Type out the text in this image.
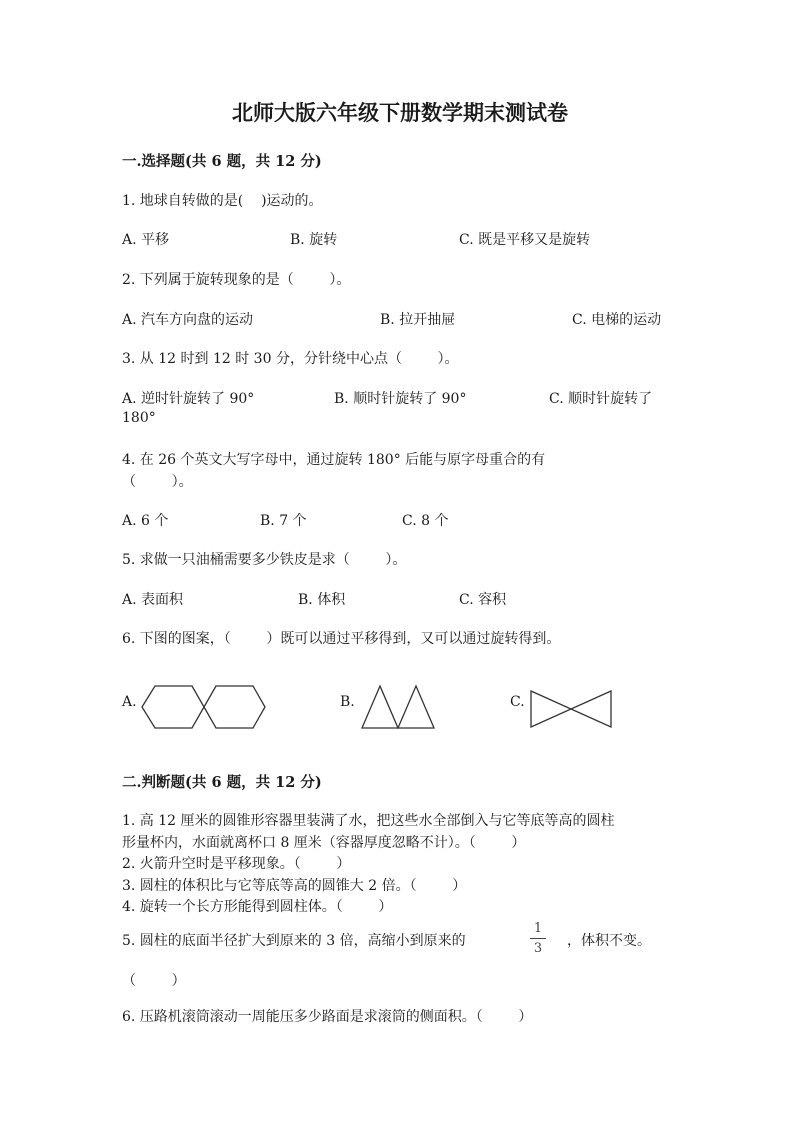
北师大版六年级下册数学期末测试卷
一.选择题(共 6 题，共 12 分)
1. 地球自转做的是(    )运动的。
A. 平移	B. 旋转	C. 既是平移又是旋转
2. 下列属于旋转现象的是（        ）。
A. 汽车方向盘的运动	B. 拉开抽屉	C. 电梯的运动
3. 从 12 时到 12 时 30 分，分针绕中心点（        ）。
A. 逆时针旋转了 90°	B. 顺时针旋转了 90°	C. 顺时针旋转了
180°
4. 在 26 个英文大写字母中，通过旋转 180° 后能与原字母重合的有
（        ）。
A. 6 个	B. 7 个	C. 8 个
5. 求做一只油桶需要多少铁皮是求（        ）。
A. 表面积	B. 体积	C. 容积
6. 下图的图案，（        ）既可以通过平移得到，又可以通过旋转得到。
A.	B.	C.
二.判断题(共 6 题，共 12 分)
1. 高 12 厘米的圆锥形容器里装满了水，把这些水全部倒入与它等底等高的圆柱
形量杯内，水面就离杯口 8 厘米（容器厚度忽略不计）。（        ）
2. 火箭升空时是平移现象。（        ）
3. 圆柱的体积比与它等底等高的圆锥大 2 倍。（        ）
4. 旋转一个长方形能得到圆柱体。（        ）
5. 圆柱的底面半径扩大到原来的 3 倍，高缩小到原来的
1
3 ，体积不变。
（        ）
6. 压路机滚筒滚动一周能压多少路面是求滚筒的侧面积。（        ）
